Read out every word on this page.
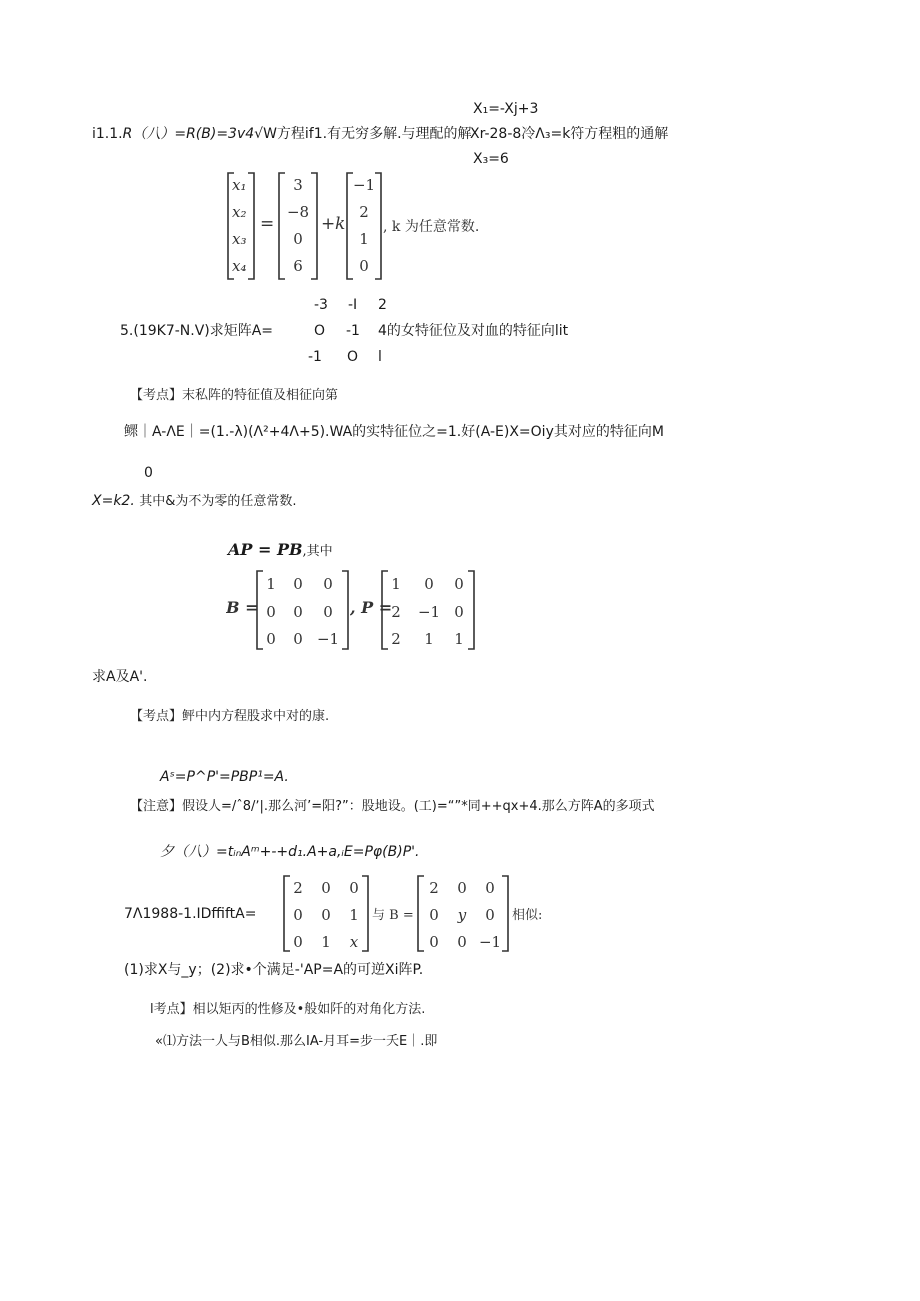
X₁=-Xj+3
i1.1.R（八）=R(B)=3v4√W方程if1.有无穷多解.与理配的解
Xr-28-8冷Λ₃=k符方程粗的通解
X₃=6
x₁
x₂
x₃
x₄
=
3
−8
0
6
+ k
−1
2
1
0
, k 为任意常数.
-3 -I 2
5.(19K7-N.V)求矩阵A=	O -1 4的女特征位及对血的特征向lit
-1 O l
【考点】末私阵的特征值及相征向第
鳏｜A-ΛE｜=(1.-λ)(Λ²+4Λ+5).WA的实特征位之=1.好(A-E)X=Oiy其对应的特征向M
0
X=k2. 其中&为不为零的任意常数.
AP = PB,其中
B =
1 0 0
0 0 0
0 0 −1
, P =
1 0 0
2 −1 0
2 1 1
求A及A'.
【考点】鲆中内方程股求中对的康.
Aˢ=P^P'=PBP¹=A.
【注意】假设人=/ˆ8/ʼ|.那么河’=阳?”：股地设。(工)=“”*同++qx+4.那么方阵A的多项式
夕（八）=tᵢₙAᵐ+-+d₁.A+a,ᵢE=Pφ(B)P'.
7Λ1988-1.IDffiftA=
2 0 0
0 0 1
0 1 x
与 B =
2 0 0
0 y 0
0 0 −1
相似:
(1)求X与_y；(2)求•个满足-'AP=A的可逆Xi阵P.
l考点】相以矩丙的性修及•般如阡的对角化方法.
«⑴方法一人与B相似.那么IA-月耳=步一夭E｜.即
